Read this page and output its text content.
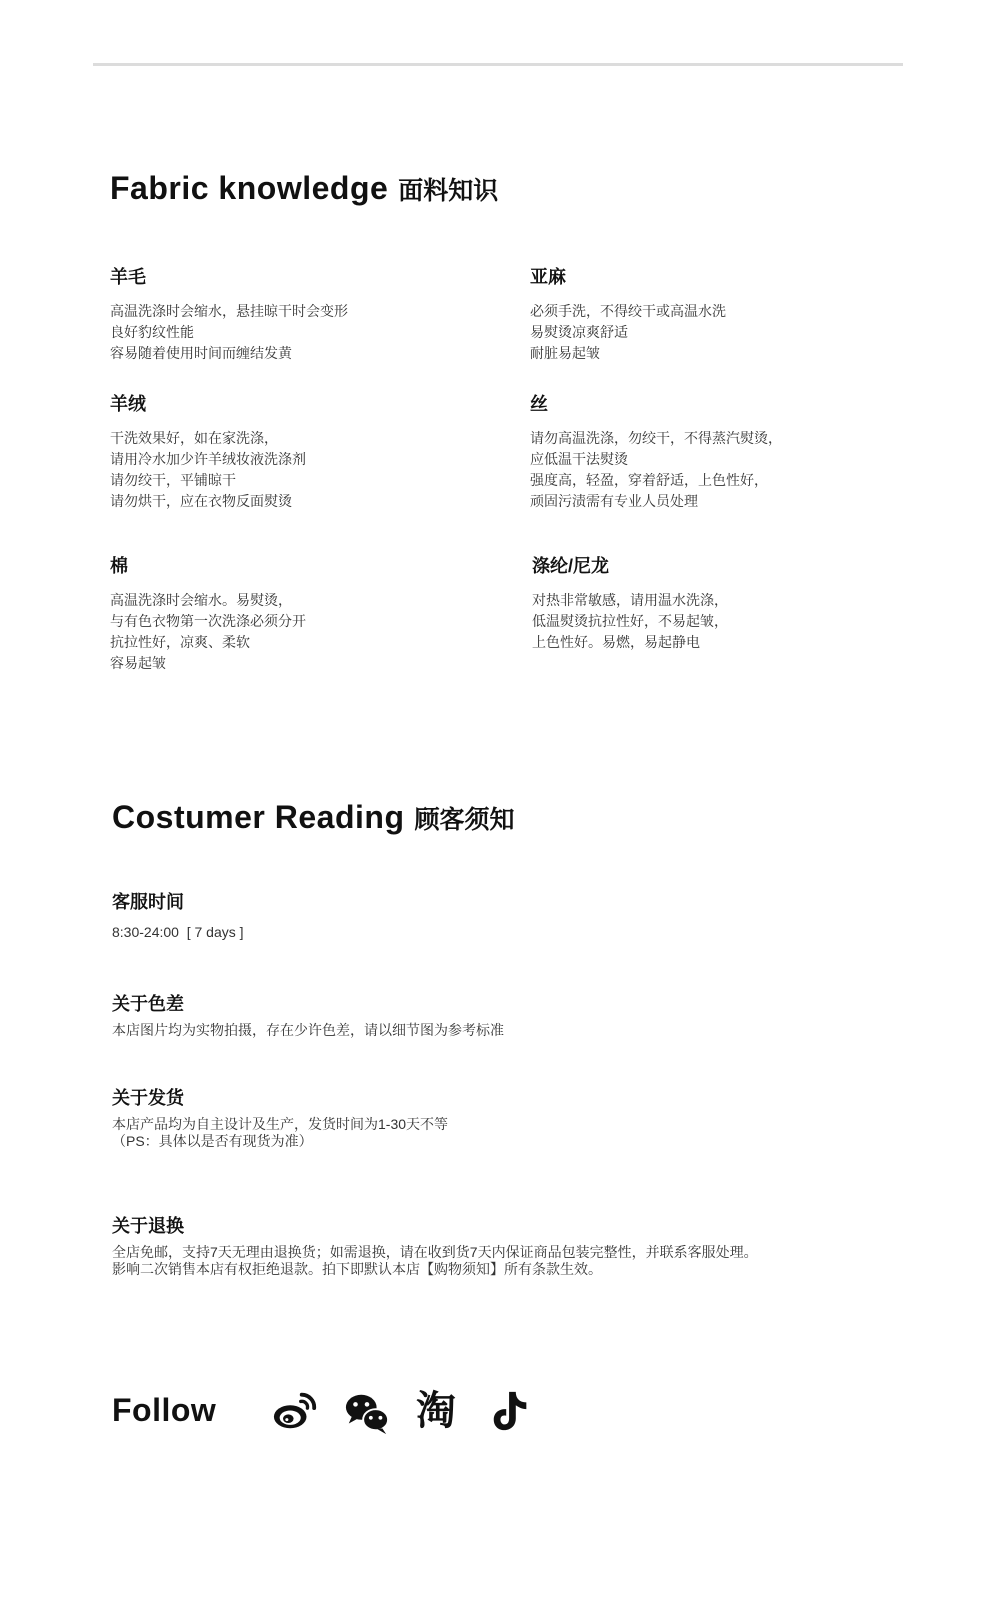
Fabric knowledge 面料知识
羊毛
高温洗涤时会缩水，悬挂晾干时会变形
良好豹纹性能
容易随着使用时间而缠结发黄
亚麻
必须手洗，不得绞干或高温水洗
易熨烫凉爽舒适
耐脏易起皱
羊绒
干洗效果好，如在家洗涤，
请用冷水加少许羊绒妆液洗涤剂
请勿绞干，平铺晾干
请勿烘干，应在衣物反面熨烫
丝
请勿高温洗涤，勿绞干，不得蒸汽熨烫，
应低温干法熨烫
强度高，轻盈，穿着舒适，上色性好，
顽固污渍需有专业人员处理
棉
高温洗涤时会缩水。易熨烫，
与有色衣物第一次洗涤必须分开
抗拉性好，凉爽、柔软
容易起皱
涤纶/尼龙
对热非常敏感，请用温水洗涤，
低温熨烫抗拉性好，不易起皱，
上色性好。易燃，易起静电
Costumer Reading 顾客须知
客服时间
8:30-24:00  [ 7 days ]
关于色差
本店图片均为实物拍摄，存在少许色差，请以细节图为参考标准
关于发货
本店产品均为自主设计及生产，发货时间为1-30天不等
（PS：具体以是否有现货为准）
关于退换
全店免邮，支持7天无理由退换货；如需退换，请在收到货7天内保证商品包装完整性，并联系客服处理。
影响二次销售本店有权拒绝退款。拍下即默认本店【购物须知】所有条款生效。
Follow	淘
